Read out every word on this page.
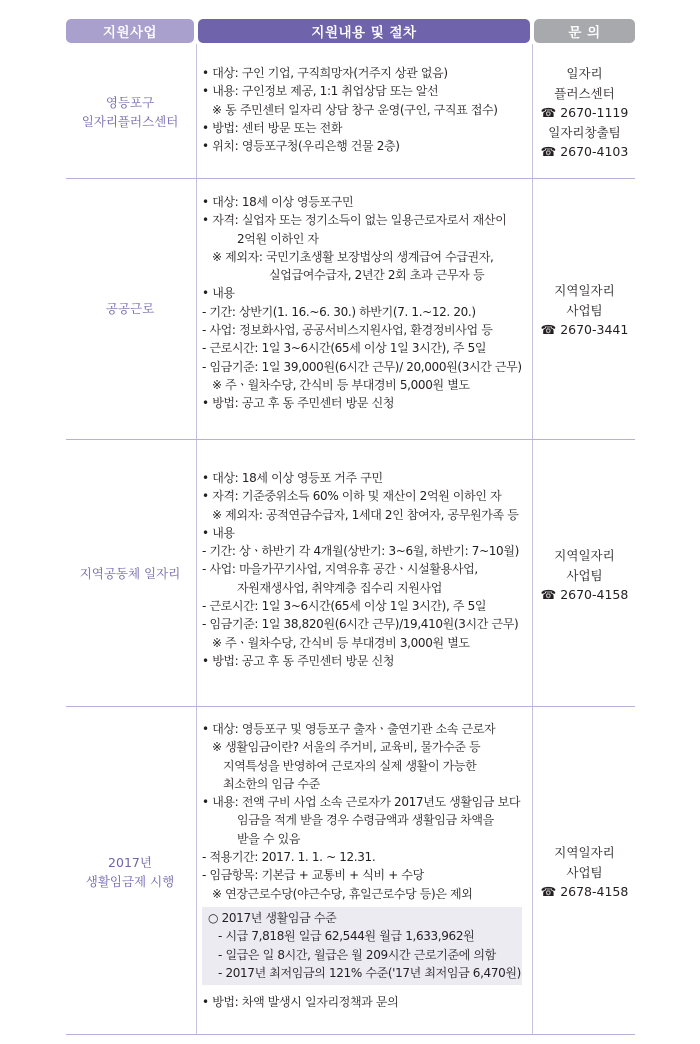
지원사업	지원내용 및 절차	문 의
영등포구
일자리플러스센터
• 대상: 구인 기업, 구직희망자(거주지 상관 없음)
• 내용: 구인정보 제공, 1:1 취업상담 또는 알선
※ 동 주민센터 일자리 상담 창구 운영(구인, 구직표 접수)
• 방법: 센터 방문 또는 전화
• 위치: 영등포구청(우리은행 건물 2층)
일자리
플러스센터
☎ 2670-1119
일자리창출팀
☎ 2670-4103
공공근로
• 대상: 18세 이상 영등포구민
• 자격: 실업자 또는 정기소득이 없는 일용근로자로서 재산이
2억원 이하인 자
※ 제외자: 국민기초생활 보장법상의 생계급여 수급권자,
실업급여수급자, 2년간 2회 초과 근무자 등
• 내용
- 기간: 상반기(1. 16.~6. 30.) 하반기(7. 1.~12. 20.)
- 사업: 정보화사업, 공공서비스지원사업, 환경정비사업 등
- 근로시간: 1일 3~6시간(65세 이상 1일 3시간), 주 5일
- 임금기준: 1일 39,000원(6시간 근무)/ 20,000원(3시간 근무)
※ 주ㆍ월차수당, 간식비 등 부대경비 5,000원 별도
• 방법: 공고 후 동 주민센터 방문 신청
지역일자리
사업팀
☎ 2670-3441
지역공동체 일자리
• 대상: 18세 이상 영등포 거주 구민
• 자격: 기준중위소득 60% 이하 및 재산이 2억원 이하인 자
※ 제외자: 공적연금수급자, 1세대 2인 참여자, 공무원가족 등
• 내용
- 기간: 상ㆍ하반기 각 4개월(상반기: 3~6월, 하반기: 7~10월)
- 사업: 마을가꾸기사업, 지역유휴 공간ㆍ시설활용사업,
자원재생사업, 취약계층 집수리 지원사업
- 근로시간: 1일 3~6시간(65세 이상 1일 3시간), 주 5일
- 임금기준: 1일 38,820원(6시간 근무)/19,410원(3시간 근무)
※ 주ㆍ월차수당, 간식비 등 부대경비 3,000원 별도
• 방법: 공고 후 동 주민센터 방문 신청
지역일자리
사업팀
☎ 2670-4158
2017년
생활임금제 시행
• 대상: 영등포구 및 영등포구 출자ㆍ출연기관 소속 근로자
※ 생활임금이란? 서울의 주거비, 교육비, 물가수준 등
지역특성을 반영하여 근로자의 실제 생활이 가능한
최소한의 임금 수준
• 내용: 전액 구비 사업 소속 근로자가 2017년도 생활임금 보다
임금을 적게 받을 경우 수령금액과 생활임금 차액을
받을 수 있음
- 적용기간: 2017. 1. 1. ~ 12.31.
- 임금항목: 기본급 + 교통비 + 식비 + 수당
※ 연장근로수당(야근수당, 휴일근로수당 등)은 제외
○ 2017년 생활임금 수준
- 시급 7,818원 일급 62,544원 월급 1,633,962원
- 일급은 일 8시간, 월급은 월 209시간 근로기준에 의함
- 2017년 최저임금의 121% 수준('17년 최저임금 6,470원)
• 방법: 차액 발생시 일자리정책과 문의
지역일자리
사업팀
☎ 2678-4158
